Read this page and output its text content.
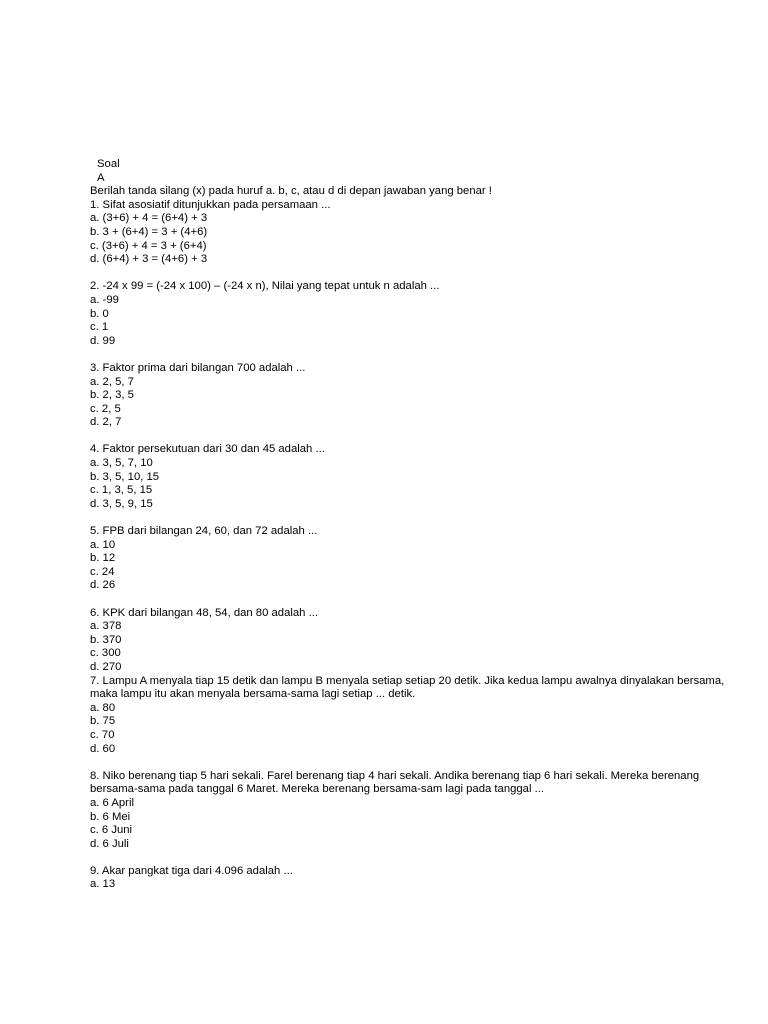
Soal
A
Berilah tanda silang (x) pada huruf a. b, c, atau d di depan jawaban yang benar !
1. Sifat asosiatif ditunjukkan pada persamaan ...
a. (3+6) + 4 = (6+4) + 3
b. 3 + (6+4) = 3 + (4+6)
c. (3+6) + 4 = 3 + (6+4)
d. (6+4) + 3 = (4+6) + 3
2. -24 x 99 = (-24 x 100) – (-24 x n), Nilai yang tepat untuk n adalah ...
a. -99
b. 0
c. 1
d. 99
3. Faktor prima dari bilangan 700 adalah ...
a. 2, 5, 7
b. 2, 3, 5
c. 2, 5
d. 2, 7
4. Faktor persekutuan dari 30 dan 45 adalah ...
a. 3, 5, 7, 10
b. 3, 5, 10, 15
c. 1, 3, 5, 15
d. 3, 5, 9, 15
5. FPB dari bilangan 24, 60, dan 72 adalah ...
a. 10
b. 12
c. 24
d. 26
6. KPK dari bilangan 48, 54, dan 80 adalah ...
a. 378
b. 370
c. 300
d. 270
7. Lampu A menyala tiap 15 detik dan lampu B menyala setiap setiap 20 detik. Jika kedua lampu awalnya dinyalakan bersama, maka lampu itu akan menyala bersama-sama lagi setiap ... detik.
a. 80
b. 75
c. 70
d. 60
8. Niko berenang tiap 5 hari sekali. Farel berenang tiap 4 hari sekali. Andika berenang tiap 6 hari sekali. Mereka berenang bersama-sama pada tanggal 6 Maret. Mereka berenang bersama-sam lagi pada tanggal ...
a. 6 April
b. 6 Mei
c. 6 Juni
d. 6 Juli
9. Akar pangkat tiga dari 4.096 adalah ...
a. 13
